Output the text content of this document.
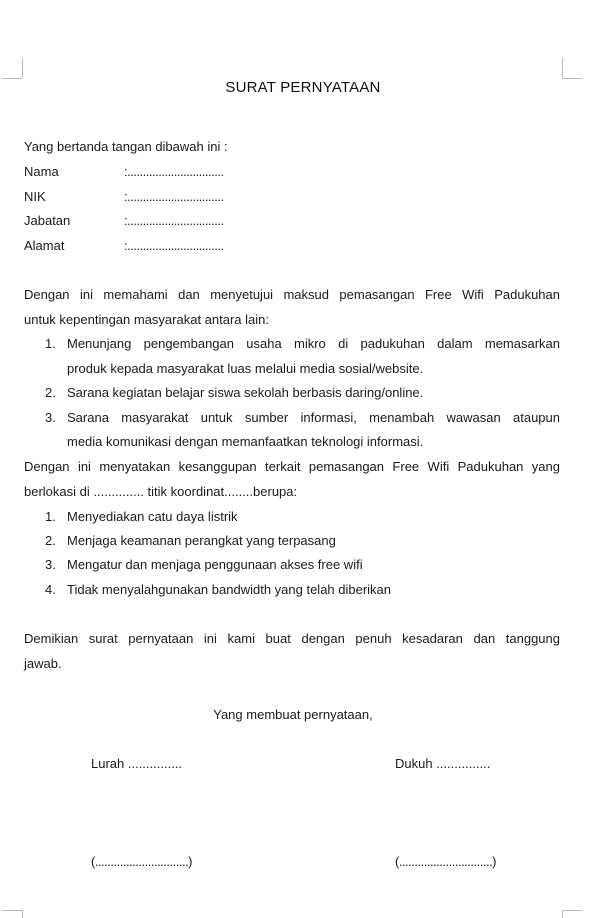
SURAT PERNYATAAN
Yang bertanda tangan dibawah ini :
Nama	:...............................
NIK	:...............................
Jabatan	:...............................
Alamat	:...............................
Dengan ini memahami dan menyetujui maksud pemasangan Free Wifi Padukuhan
untuk kepentingan masyarakat antara lain:
1. Menunjang pengembangan usaha mikro di padukuhan dalam memasarkan
produk kepada masyarakat luas melalui media sosial/website.
2. Sarana kegiatan belajar siswa sekolah berbasis daring/online.
3. Sarana masyarakat untuk sumber informasi, menambah wawasan ataupun
media komunikasi dengan memanfaatkan teknologi informasi.
Dengan ini menyatakan kesanggupan terkait pemasangan Free Wifi Padukuhan yang
berlokasi di .............. titik koordinat........berupa:
1. Menyediakan catu daya listrik
2. Menjaga keamanan perangkat yang terpasang
3. Mengatur dan menjaga penggunaan akses free wifi
4. Tidak menyalahgunakan bandwidth yang telah diberikan
Demikian surat pernyataan ini kami buat dengan penuh kesadaran dan tanggung
jawab.
Yang membuat pernyataan,
Lurah ...............	Dukuh ...............
(..............................)	(..............................)
